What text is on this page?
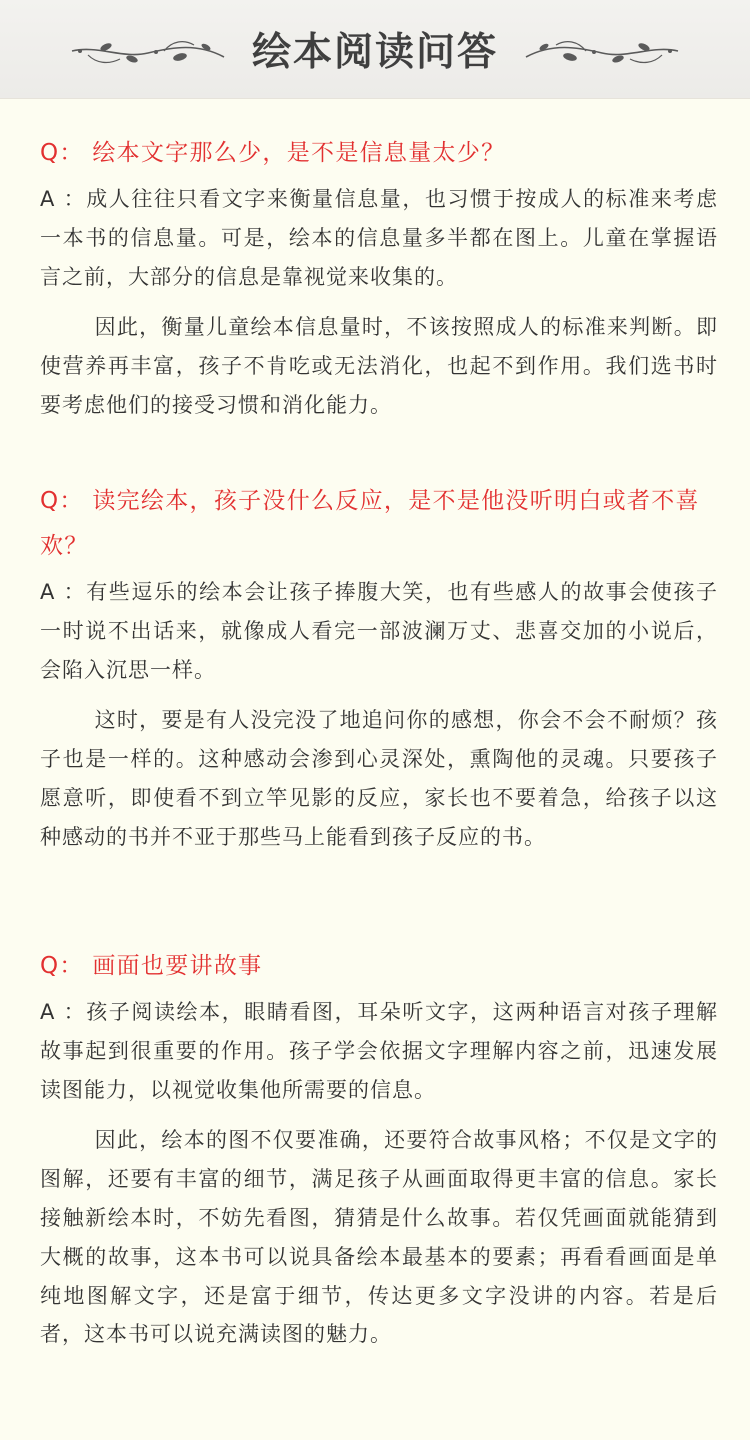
绘本阅读问答

Q： 绘本文字那么少，是不是信息量太少？

A ：成人往往只看文字来衡量信息量，也习惯于按成人的标准来考虑一本书的信息量。可是，绘本的信息量多半都在图上。儿童在掌握语言之前，大部分的信息是靠视觉来收集的。

因此，衡量儿童绘本信息量时，不该按照成人的标准来判断。即使营养再丰富，孩子不肯吃或无法消化，也起不到作用。我们选书时要考虑他们的接受习惯和消化能力。

Q： 读完绘本，孩子没什么反应，是不是他没听明白或者不喜欢？

A ：有些逗乐的绘本会让孩子捧腹大笑，也有些感人的故事会使孩子一时说不出话来，就像成人看完一部波澜万丈、悲喜交加的小说后，会陷入沉思一样。

这时，要是有人没完没了地追问你的感想，你会不会不耐烦？孩子也是一样的。这种感动会渗到心灵深处，熏陶他的灵魂。只要孩子愿意听，即使看不到立竿见影的反应，家长也不要着急，给孩子以这种感动的书并不亚于那些马上能看到孩子反应的书。

Q： 画面也要讲故事

A ：孩子阅读绘本，眼睛看图，耳朵听文字，这两种语言对孩子理解故事起到很重要的作用。孩子学会依据文字理解内容之前，迅速发展读图能力，以视觉收集他所需要的信息。

因此，绘本的图不仅要准确，还要符合故事风格；不仅是文字的图解，还要有丰富的细节，满足孩子从画面取得更丰富的信息。家长接触新绘本时，不妨先看图，猜猜是什么故事。若仅凭画面就能猜到大概的故事，这本书可以说具备绘本最基本的要素；再看看画面是单纯地图解文字，还是富于细节，传达更多文字没讲的内容。若是后者，这本书可以说充满读图的魅力。
